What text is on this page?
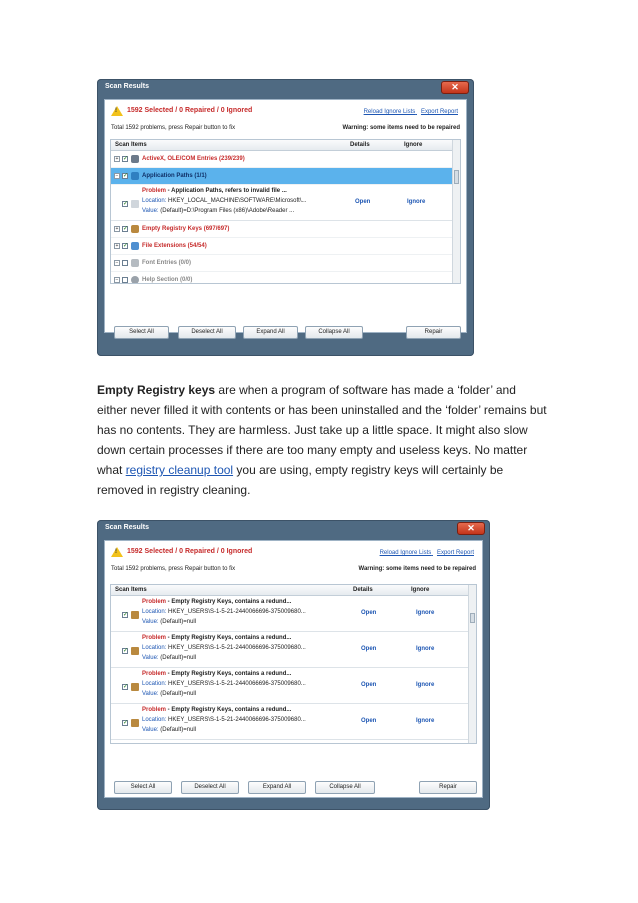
Scan Results	✕
! 1592 Selected / 0 Repaired / 0 Ignored
Total 1592 problems, press Repair button to fix
Reload Ignore Lists Export Report
Warning: some items need to be repaired
Scan Items	Details	Ignore
+ ✓ ActiveX, OLE/COM Entries (239/239)
− ✓ Application Paths (1/1)
✓
Problem - Application Paths, refers to invalid file ...
Location: HKEY_LOCAL_MACHINE\SOFTWARE\Microsoft\...
Value: (Default)=D:\Program Files (x86)\Adobe\Reader ...
Open	Ignore
+ ✓ Empty Registry Keys (697/697)
+ ✓ File Extensions (54/54)
−	Font Entries (0/0)
−	Help Section (0/0)
Select All	Deselect All	Expand All	Collapse All	Repair
Empty Registry keys are when a program of software has made a ‘folder’ and either never filled it with contents or has been uninstalled and the ‘folder’ remains but has no contents. They are harmless. Just take up a little space. It might also slow down certain processes if there are too many empty and useless keys. No matter what registry cleanup tool you are using, empty registry keys will certainly be removed in registry cleaning.
Scan Results	✕
! 1592 Selected / 0 Repaired / 0 Ignored
Total 1592 problems, press Repair button to fix
Reload Ignore Lists Export Report
Warning: some items need to be repaired
Scan Items	Details	Ignore
✓
Problem - Empty Registry Keys, contains a redund...
Location: HKEY_USERS\S-1-5-21-2440066696-375009680...
Value: (Default)=null
Open	Ignore
✓
Problem - Empty Registry Keys, contains a redund...
Location: HKEY_USERS\S-1-5-21-2440066696-375009680...
Value: (Default)=null
Open	Ignore
✓
Problem - Empty Registry Keys, contains a redund...
Location: HKEY_USERS\S-1-5-21-2440066696-375009680...
Value: (Default)=null
Open	Ignore
✓
Problem - Empty Registry Keys, contains a redund...
Location: HKEY_USERS\S-1-5-21-2440066696-375009680...
Value: (Default)=null
Open	Ignore
Select All	Deselect All	Expand All	Collapse All	Repair
